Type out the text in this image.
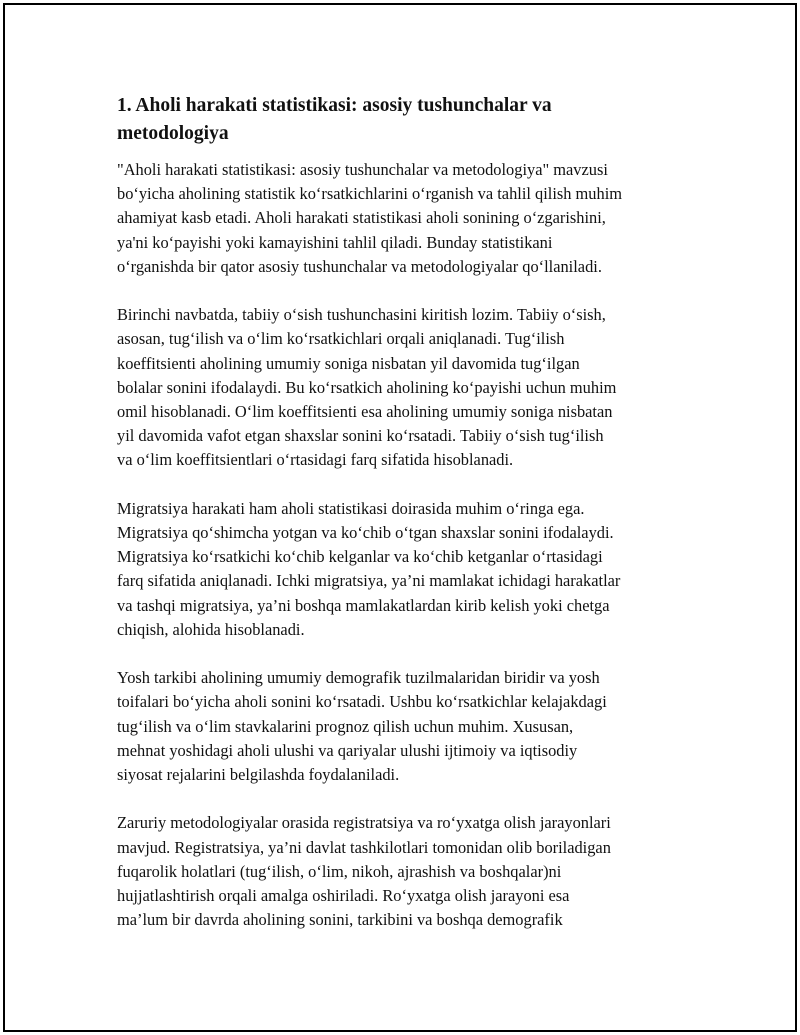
1. Aholi harakati statistikasi: asosiy tushunchalar va
metodologiya

"Aholi harakati statistikasi: asosiy tushunchalar va metodologiya" mavzusi
bo‘yicha aholining statistik ko‘rsatkichlarini o‘rganish va tahlil qilish muhim
ahamiyat kasb etadi. Aholi harakati statistikasi aholi sonining o‘zgarishini,
ya'ni ko‘payishi yoki kamayishini tahlil qiladi. Bunday statistikani
o‘rganishda bir qator asosiy tushunchalar va metodologiyalar qo‘llaniladi.

Birinchi navbatda, tabiiy o‘sish tushunchasini kiritish lozim. Tabiiy o‘sish,
asosan, tug‘ilish va o‘lim ko‘rsatkichlari orqali aniqlanadi. Tug‘ilish
koeffitsienti aholining umumiy soniga nisbatan yil davomida tug‘ilgan
bolalar sonini ifodalaydi. Bu ko‘rsatkich aholining ko‘payishi uchun muhim
omil hisoblanadi. O‘lim koeffitsienti esa aholining umumiy soniga nisbatan
yil davomida vafot etgan shaxslar sonini ko‘rsatadi. Tabiiy o‘sish tug‘ilish
va o‘lim koeffitsientlari o‘rtasidagi farq sifatida hisoblanadi.

Migratsiya harakati ham aholi statistikasi doirasida muhim o‘ringa ega.
Migratsiya qo‘shimcha yotgan va ko‘chib o‘tgan shaxslar sonini ifodalaydi.
Migratsiya ko‘rsatkichi ko‘chib kelganlar va ko‘chib ketganlar o‘rtasidagi
farq sifatida aniqlanadi. Ichki migratsiya, ya’ni mamlakat ichidagi harakatlar
va tashqi migratsiya, ya’ni boshqa mamlakatlardan kirib kelish yoki chetga
chiqish, alohida hisoblanadi.

Yosh tarkibi aholining umumiy demografik tuzilmalaridan biridir va yosh
toifalari bo‘yicha aholi sonini ko‘rsatadi. Ushbu ko‘rsatkichlar kelajakdagi
tug‘ilish va o‘lim stavkalarini prognoz qilish uchun muhim. Xususan,
mehnat yoshidagi aholi ulushi va qariyalar ulushi ijtimoiy va iqtisodiy
siyosat rejalarini belgilashda foydalaniladi.

Zaruriy metodologiyalar orasida registratsiya va ro‘yxatga olish jarayonlari
mavjud. Registratsiya, ya’ni davlat tashkilotlari tomonidan olib boriladigan
fuqarolik holatlari (tug‘ilish, o‘lim, nikoh, ajrashish va boshqalar)ni
hujjatlashtirish orqali amalga oshiriladi. Ro‘yxatga olish jarayoni esa
ma’lum bir davrda aholining sonini, tarkibini va boshqa demografik
